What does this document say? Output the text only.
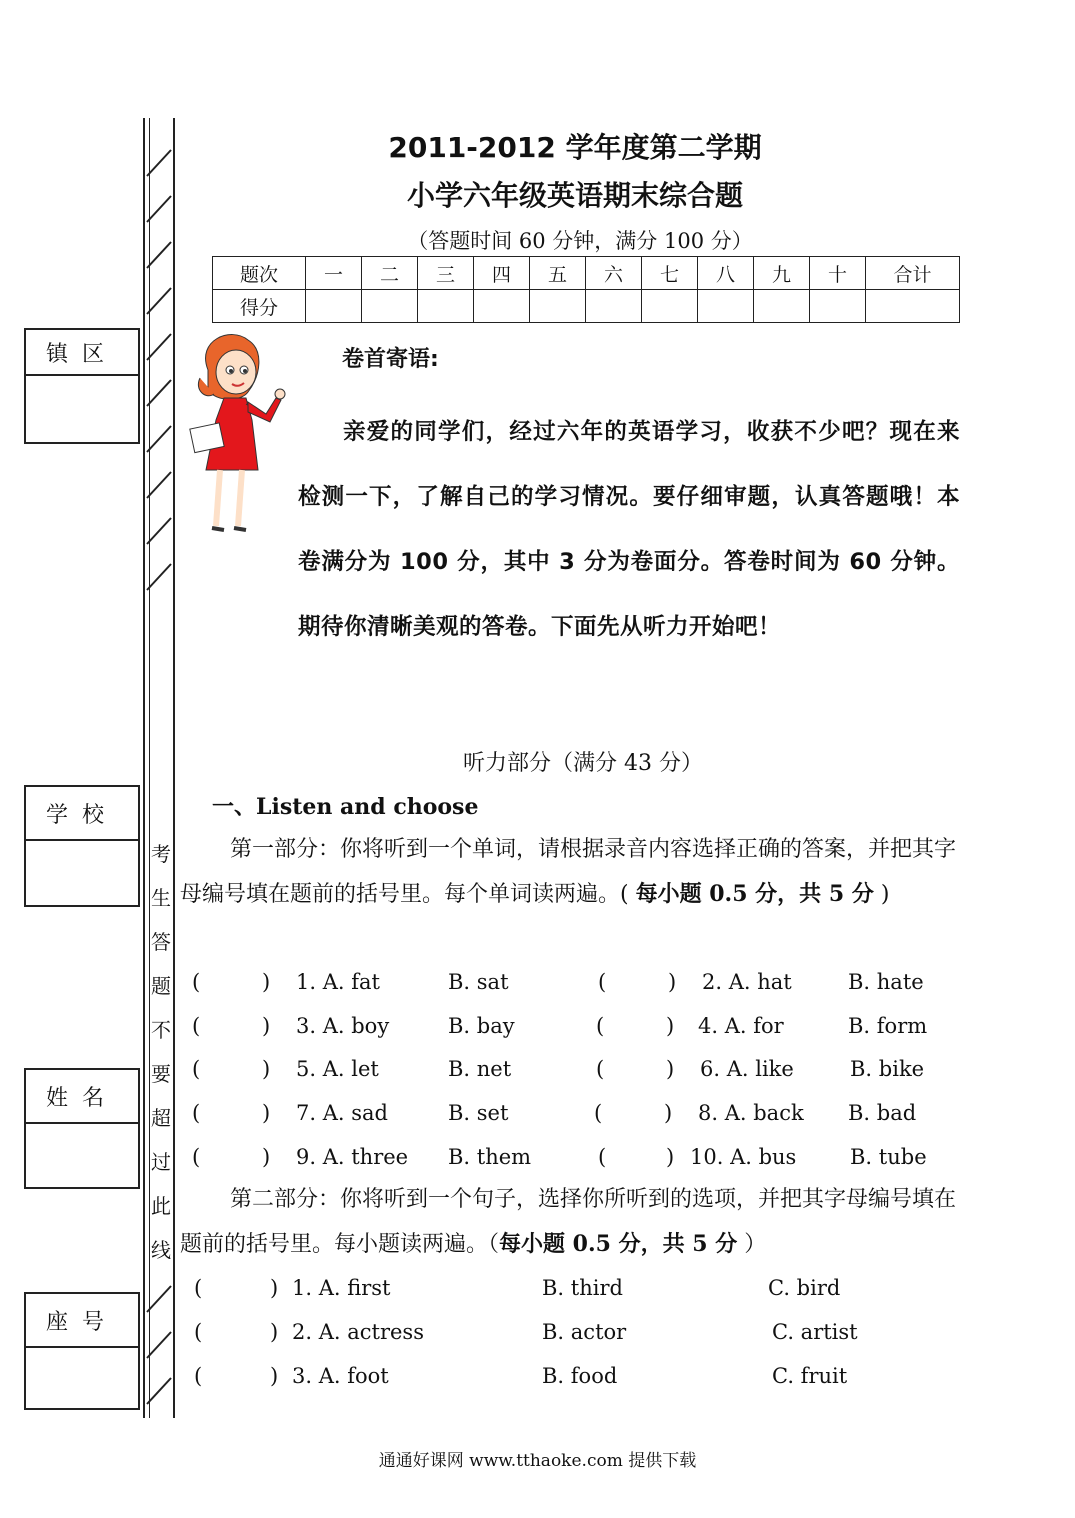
镇区
学校
姓名
座号
考
生
答
题
不
要
超
过
此
线
2011-2012 学年度第二学期
小学六年级英语期末综合题
（答题时间 60 分钟，满分 100 分）
题次	一	二	三	四	五	六	七	八	九	十	合计
得分											
卷首寄语:
亲爱的同学们，经过六年的英语学习，收获不少吧？现在来检测一下，了解自己的学习情况。要仔细审题，认真答题哦！本卷满分为 100 分，其中 3 分为卷面分。答卷时间为 60 分钟。期待你清晰美观的答卷。下面先从听力开始吧！
听力部分（满分 43 分）
一、Listen and choose
第一部分：你将听到一个单词，请根据录音内容选择正确的答案，并把其字母编号填在题前的括号里。每个单词读两遍。( 每小题 0.5 分，共 5 分 )
(	) 1. A. fat	B. sat	(	) 2. A. hat	B. hate
(	) 3. A. boy	B. bay	(	) 4. A. for	B. form
(	) 5. A. let	B. net	(	) 6. A. like	B. bike
(	) 7. A. sad	B. set	(	) 8. A. back B. bad
(	) 9. A. three B. them	(	) 10. A. bus	B. tube
第二部分：你将听到一个句子，选择你所听到的选项，并把其字母编号填在题前的括号里。每小题读两遍。（每小题 0.5 分，共 5 分 ）
(	) 1. A. first	B. third	C. bird
(	) 2. A. actress	B. actor	C. artist
(	) 3. A. foot	B. food	C. fruit
通通好课网 www.tthaoke.com 提供下载
